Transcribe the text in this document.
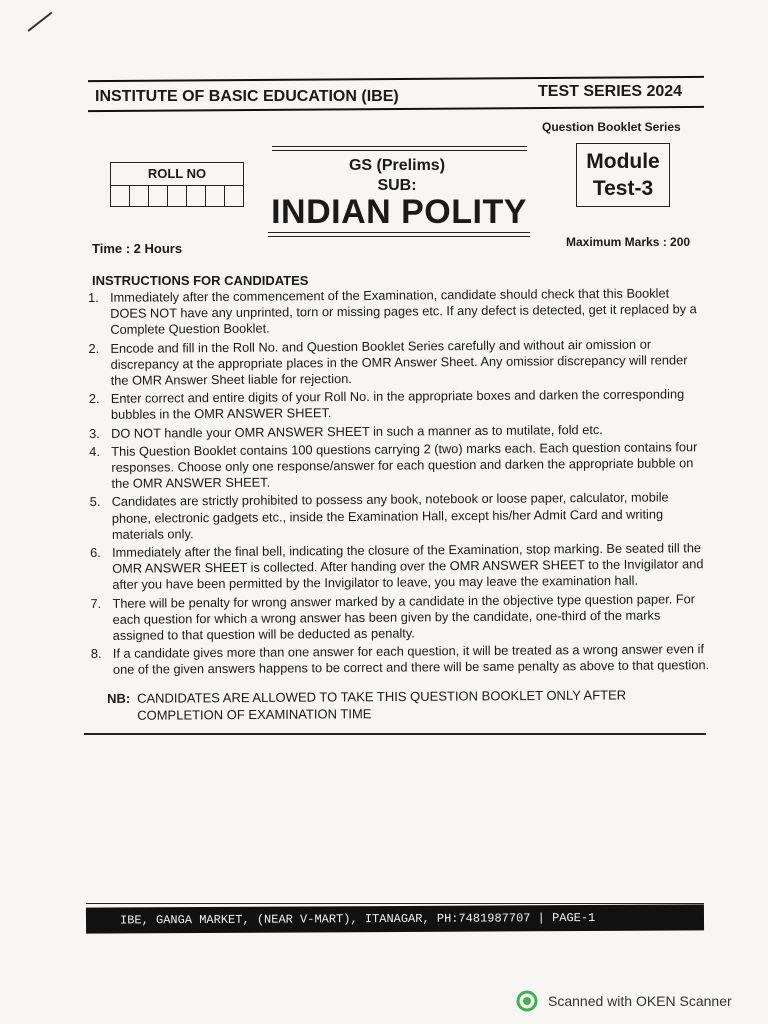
INSTITUTE OF BASIC EDUCATION (IBE)	TEST SERIES 2024
Question Booklet Series
Module
Test-3
ROLL NO	GS (Prelims)
SUB:
INDIAN POLITY
Time : 2 Hours	Maximum Marks : 200
INSTRUCTIONS FOR CANDIDATES
1. Immediately after the commencement of the Examination, candidate should check that this Booklet DOES NOT have any unprinted, torn or missing pages etc. If any defect is detected, get it replaced by a Complete Question Booklet.
2. Encode and fill in the Roll No. and Question Booklet Series carefully and without air omission or discrepancy at the appropriate places in the OMR Answer Sheet. Any omissior discrepancy will render the OMR Answer Sheet liable for rejection.
2. Enter correct and entire digits of your Roll No. in the appropriate boxes and darken the corresponding bubbles in the OMR ANSWER SHEET.
3. DO NOT handle your OMR ANSWER SHEET in such a manner as to mutilate, fold etc.
4. This Question Booklet contains 100 questions carrying 2 (two) marks each. Each question contains four responses. Choose only one response/answer for each question and darken the appropriate bubble on the OMR ANSWER SHEET.
5. Candidates are strictly prohibited to possess any book, notebook or loose paper, calculator, mobile phone, electronic gadgets etc., inside the Examination Hall, except his/her Admit Card and writing materials only.
6. Immediately after the final bell, indicating the closure of the Examination, stop marking. Be seated till the OMR ANSWER SHEET is collected. After handing over the OMR ANSWER SHEET to the Invigilator and after you have been permitted by the Invigilator to leave, you may leave the examination hall.
7. There will be penalty for wrong answer marked by a candidate in the objective type question paper. For each question for which a wrong answer has been given by the candidate, one-third of the marks assigned to that question will be deducted as penalty.
8. If a candidate gives more than one answer for each question, it will be treated as a wrong answer even if one of the given answers happens to be correct and there will be same penalty as above to that question.
NB: CANDIDATES ARE ALLOWED TO TAKE THIS QUESTION BOOKLET ONLY AFTER COMPLETION OF EXAMINATION TIME
IBE, GANGA MARKET, (NEAR V-MART), ITANAGAR, PH:7481987707 | PAGE-1
Scanned with OKEN Scanner
